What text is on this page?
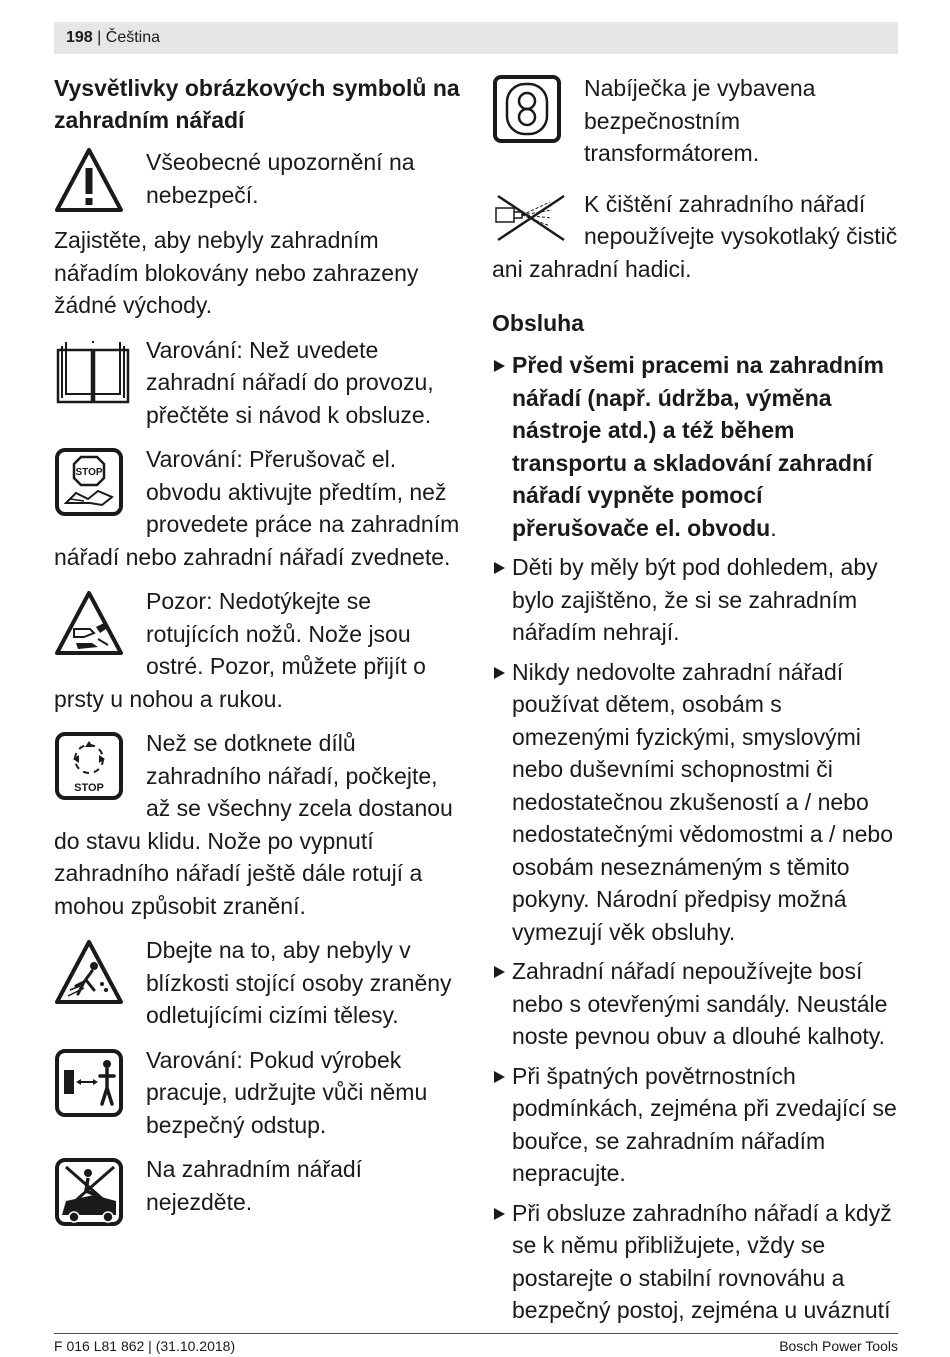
198 | Čeština
Vysvětlivky obrázkových symbolů na zahradním nářadí
Všeobecné upozornění na nebezpečí.
Zajistěte, aby nebyly zahradním nářadím blokovány nebo zahrazeny žádné východy.
Varování: Než uvedete zahradní nářadí do provozu, přečtěte si návod k obsluze.
STOP
Varování: Přerušovač el. obvodu aktivujte předtím, než provedete práce na zahradním nářadí nebo zahradní nářadí zvednete.
Pozor: Nedotýkejte se rotujících nožů. Nože jsou ostré. Pozor, můžete přijít o prsty u nohou a rukou.
STOP
Než se dotknete dílů zahradního nářadí, počkejte, až se všechny zcela dostanou do stavu klidu. Nože po vypnutí zahradního nářadí ještě dále rotují a mohou způsobit zranění.
Dbejte na to, aby nebyly v blízkosti stojící osoby zraněny odletujícími cizími tělesy.
Varování: Pokud výrobek pracuje, udržujte vůči němu bezpečný odstup.
Na zahradním nářadí nejezděte.
Nabíječka je vybavena bezpečnostním transformátorem.
K čištění zahradního nářadí nepoužívejte vysokotlaký čistič ani zahradní hadici.
Obsluha
Před všemi pracemi na zahradním nářadí (např. údržba, výměna nástroje atd.) a též během transportu a skladování zahradní nářadí vypněte pomocí přerušovače el. obvodu.
Děti by měly být pod dohledem, aby bylo zajištěno, že si se zahradním nářadím nehrají.
Nikdy nedovolte zahradní nářadí používat dětem, osobám s omezenými fyzickými, smyslovými nebo duševními schopnostmi či nedostatečnou zkušeností a / nebo nedostatečnými vědomostmi a / nebo osobám neseznámeným s těmito pokyny. Národní předpisy možná vymezují věk obsluhy.
Zahradní nářadí nepoužívejte bosí nebo s otevřenými sandály. Neustále noste pevnou obuv a dlouhé kalhoty.
Při špatných povětrnostních podmínkách, zejména při zvedající se bouřce, se zahradním nářadím nepracujte.
Při obsluze zahradního nářadí a když se k němu přibližujete, vždy se postarejte o stabilní rovnováhu a bezpečný postoj, zejména u uváznutí
F 016 L81 862 | (31.10.2018)	Bosch Power Tools
